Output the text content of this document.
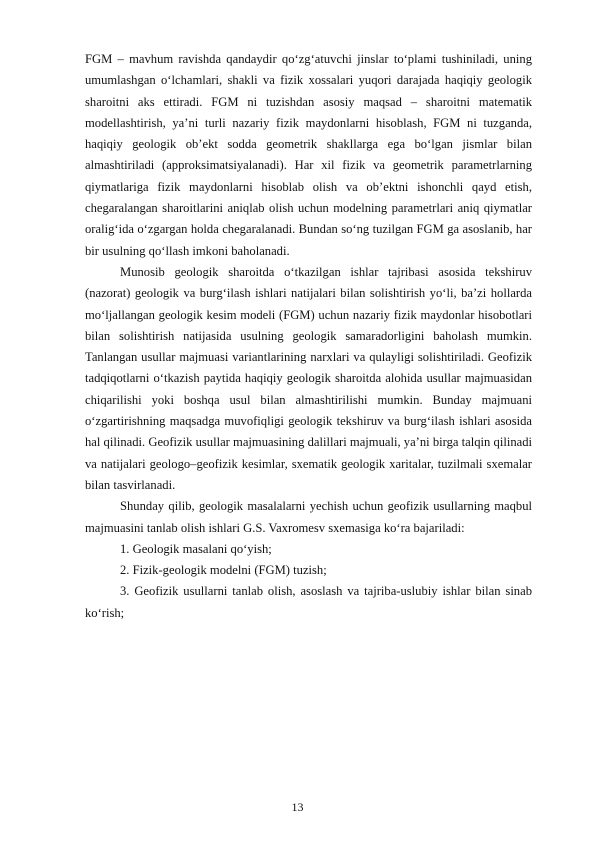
FGM – mavhum ravishda qandaydir qo‘zg‘atuvchi jinslar to‘plami tushiniladi, uning umumlashgan o‘lchamlari, shakli va fizik xossalari yuqori darajada haqiqiy geologik sharoitni aks ettiradi. FGM ni tuzishdan asosiy maqsad – sharoitni matematik modellashtirish, ya’ni turli nazariy fizik maydonlarni hisoblash, FGM ni tuzganda, haqiqiy geologik ob’ekt sodda geometrik shakllarga ega bo‘lgan jismlar bilan almashtiriladi (approksimatsiyalanadi). Har xil fizik va geometrik parametrlarning qiymatlariga fizik maydonlarni hisoblab olish va ob’ektni ishonchli qayd etish, chegaralangan sharoitlarini aniqlab olish uchun modelning parametrlari aniq qiymatlar oralig‘ida o‘zgargan holda chegaralanadi. Bundan so‘ng tuzilgan FGM ga asoslanib, har bir usulning qo‘llash imkoni baholanadi.

Munosib geologik sharoitda o‘tkazilgan ishlar tajribasi asosida tekshiruv (nazorat) geologik va burg‘ilash ishlari natijalari bilan solishtirish yo‘li, ba’zi hollarda mo‘ljallangan geologik kesim modeli (FGM) uchun nazariy fizik maydonlar hisobotlari bilan solishtirish natijasida usulning geologik samaradorligini baholash mumkin. Tanlangan usullar majmuasi variantlarining narxlari va qulayligi solishtiriladi. Geofizik tadqiqotlarni o‘tkazish paytida haqiqiy geologik sharoitda alohida usullar majmuasidan chiqarilishi yoki boshqa usul bilan almashtirilishi mumkin. Bunday majmuani o‘zgartirishning maqsadga muvofiqligi geologik tekshiruv va burg‘ilash ishlari asosida hal qilinadi. Geofizik usullar majmuasining dalillari majmuali, ya’ni birga talqin qilinadi va natijalari geologo–geofizik kesimlar, sxematik geologik xaritalar, tuzilmali sxemalar bilan tasvirlanadi.

Shunday qilib, geologik masalalarni yechish uchun geofizik usullarning maqbul majmuasini tanlab olish ishlari G.S. Vaxromesv sxemasiga ko‘ra bajariladi:

1. Geologik masalani qo‘yish;

2. Fizik-geologik modelni (FGM) tuzish;

3. Geofizik usullarni tanlab olish, asoslash va tajriba-uslubiy ishlar bilan sinab ko‘rish;

13
